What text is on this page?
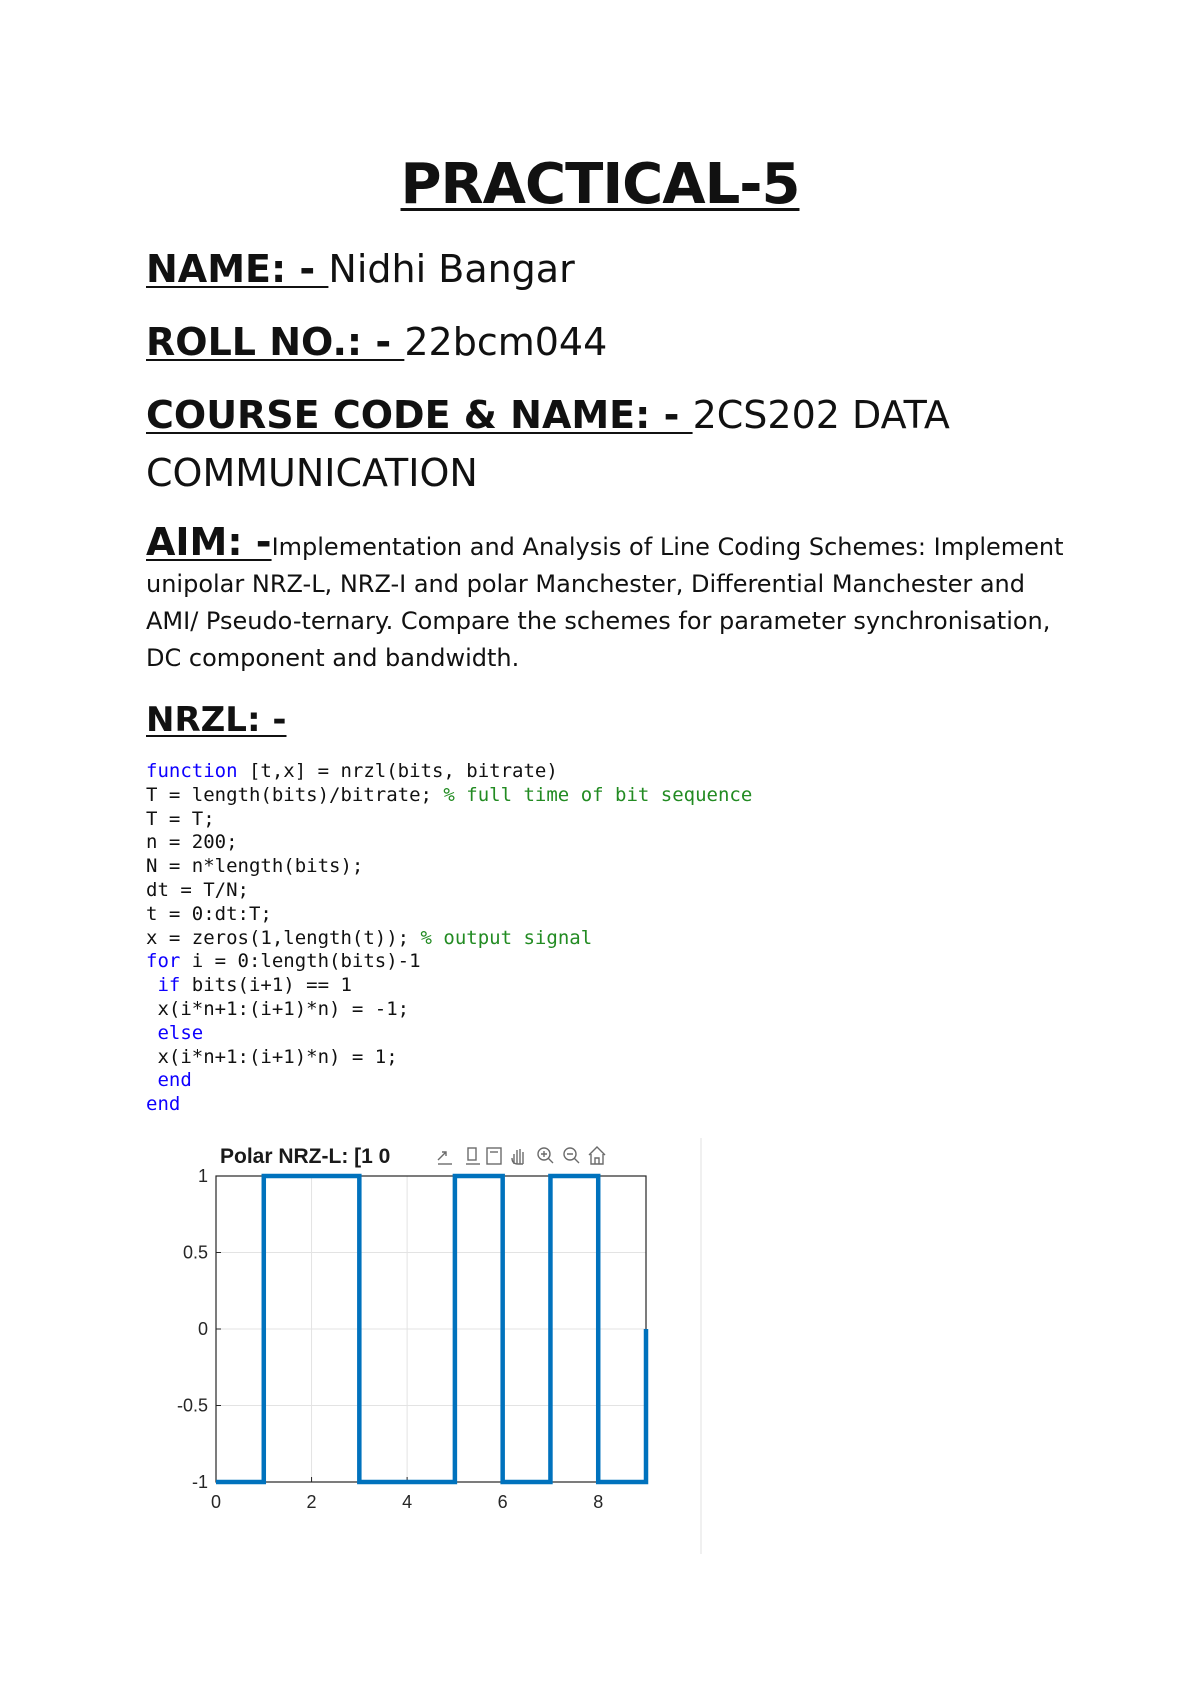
PRACTICAL-5

NAME: - Nidhi Bangar

ROLL NO.: - 22bcm044

COURSE CODE & NAME: - 2CS202 DATA COMMUNICATION

AIM: -Implementation and Analysis of Line Coding Schemes: Implement unipolar NRZ-L, NRZ-I and polar Manchester, Differential Manchester and AMI/ Pseudo-ternary. Compare the schemes for parameter synchronisation, DC component and bandwidth.

NRZL: -
function [t,x] = nrzl(bits, bitrate)
T = length(bits)/bitrate; % full time of bit sequence
T = T;
n = 200;
N = n*length(bits);
dt = T/N;
t = 0:dt:T;
x = zeros(1,length(t)); % output signal
for i = 0:length(bits)-1
if bits(i+1) == 1
x(i*n+1:(i+1)*n) = -1;
else
x(i*n+1:(i+1)*n) = 1;
end
end
0	2	4	6	8
1
0.5
0
-0.5
-1
Polar NRZ-L: [1 0
